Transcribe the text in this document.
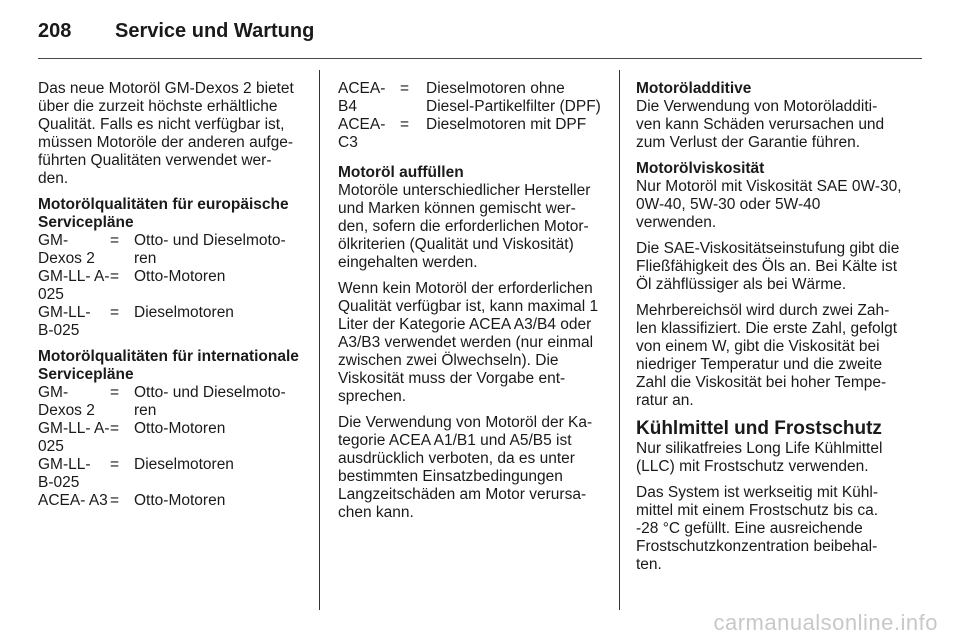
208 Service und Wartung

Das neue Motoröl GM-Dexos 2 bietet über die zurzeit höchste erhältliche Qualität. Falls es nicht verfügbar ist, müssen Motoröle der anderen aufge- führten Qualitäten verwendet wer- den.

Motorölqualitäten für europäische Servicepläne
GM- Dexos 2
= Otto- und Dieselmoto- ren
GM-LL- A-025
= Otto-Motoren
GM-LL- B-025
= Dieselmotoren
Motorölqualitäten für internationale Servicepläne
GM- Dexos 2
= Otto- und Dieselmoto- ren
GM-LL- A-025
= Otto-Motoren
GM-LL- B-025
= Dieselmotoren
ACEA- A3 = Otto-Motoren
ACEA- B4
=	Dieselmotoren ohne Diesel-Partikelfilter (DPF)
ACEA- C3
=	Dieselmotoren mit DPF
Motoröl auffüllen

Motoröle unterschiedlicher Hersteller und Marken können gemischt wer- den, sofern die erforderlichen Motor- ölkriterien (Qualität und Viskosität) eingehalten werden.

Wenn kein Motoröl der erforderlichen Qualität verfügbar ist, kann maximal 1 Liter der Kategorie ACEA A3/B4 oder A3/B3 verwendet werden (nur einmal zwischen zwei Ölwechseln). Die Viskosität muss der Vorgabe ent- sprechen.

Die Verwendung von Motoröl der Ka- tegorie ACEA A1/B1 und A5/B5 ist ausdrücklich verboten, da es unter bestimmten Einsatzbedingungen Langzeitschäden am Motor verursa- chen kann.

Motoröladditive

Die Verwendung von Motoröladditi- ven kann Schäden verursachen und zum Verlust der Garantie führen.

Motorölviskosität

Nur Motoröl mit Viskosität SAE 0W-30, 0W-40, 5W-30 oder 5W-40 verwenden.

Die SAE-Viskositätseinstufung gibt die Fließfähigkeit des Öls an. Bei Kälte ist Öl zähflüssiger als bei Wärme.

Mehrbereichsöl wird durch zwei Zah- len klassifiziert. Die erste Zahl, gefolgt von einem W, gibt die Viskosität bei niedriger Temperatur und die zweite Zahl die Viskosität bei hoher Tempe- ratur an.

Kühlmittel und Frostschutz

Nur silikatfreies Long Life Kühlmittel (LLC) mit Frostschutz verwenden.

Das System ist werkseitig mit Kühl- mittel mit einem Frostschutz bis ca. -28 °C gefüllt. Eine ausreichende Frostschutzkonzentration beibehal- ten.

carmanualsonline.info
